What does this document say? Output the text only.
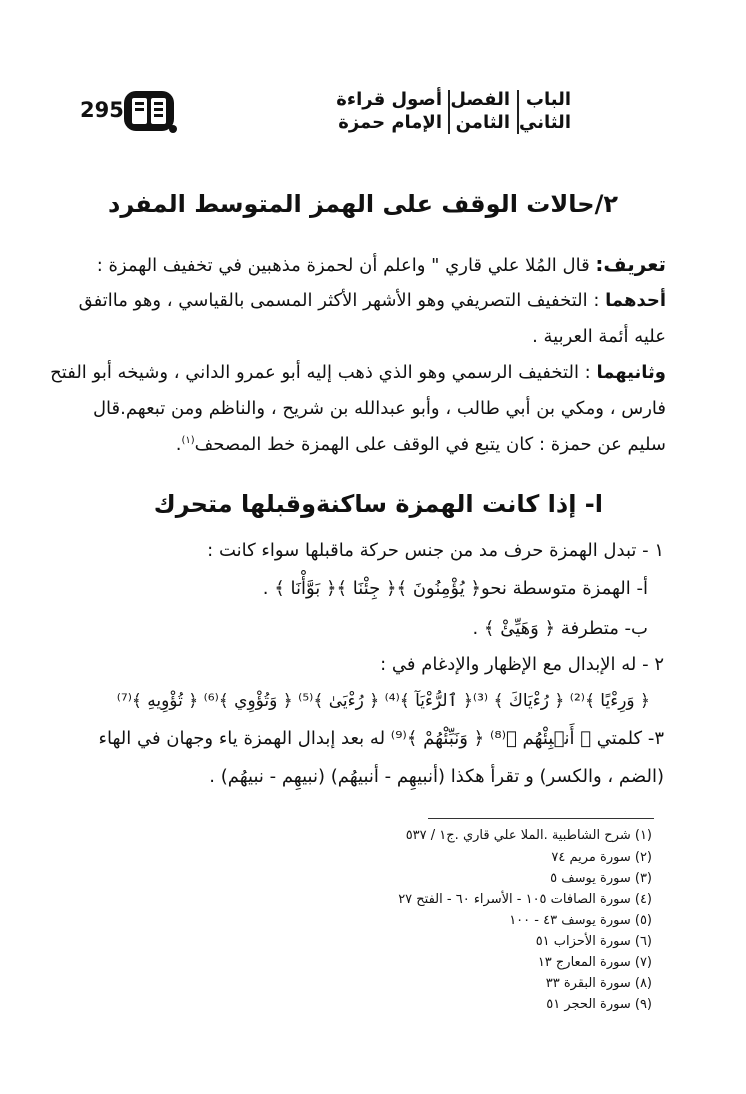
295	أصول قراءة
الإمام حمزة
الفصل
الثامن
الباب
الثاني
٢/حالات الوقف على الهمز المتوسط المفرد
تعريف: قال المُلا علي قاري " واعلم أن لحمزة مذهبين في تخفيف الهمزة :
أحدهما : التخفيف التصريفي وهو الأشهر الأكثر المسمى بالقياسي ، وهو مااتفق
عليه أئمة العربية .
وثانيهما : التخفيف الرسمي وهو الذي ذهب إليه أبو عمرو الداني ، وشيخه أبو الفتح
فارس ، ومكي بن أبي طالب ، وأبو عبدالله بن شريح ، والناظم ومن تبعهم.قال
سليم عن حمزة : كان يتبع في الوقف على الهمزة خط المصحف$^{(١)}$.
ا- إذا كانت الهمزة ساكنةوقبلها متحرك
١ - تبدل الهمزة حرف مد من جنس حركة ماقبلها سواء كانت :
أ- الهمزة متوسطة نحو﴿ يُؤْمِنُونَ ﴾﴿ جِئْنَا ﴾﴿ بَوَّأْنَا ﴾ .
ب- متطرفة ﴿ وَهَيِّئْ ﴾ .
٢ - له الإبدال مع الإظهار والإدغام في :
﴿ وَرِءْيًا ﴾⁽²⁾ ﴿ رُءْيَاكَ ﴾ ⁽³⁾﴿ ٱلرُّءْيَآ ﴾⁽⁴⁾ ﴿ رُءْيَىٰ ﴾⁽⁵⁾ ﴿ وَتُؤْوِي ﴾⁽⁶⁾ ﴿ تُؤْوِيهِ ﴾⁽⁷⁾
٣- كلمتي ﴿ أَنۢبِئْهُم ﴾⁽⁸⁾ ﴿ وَنَبِّئْهُمْ ﴾⁽⁹⁾ له بعد إبدال الهمزة ياء وجهان في الهاء
(الضم ، والكسر) و تقرأ هكذا (أنبيهِم - أنبيهُم) (نبيهِم - نبيهُم) .
(١) شرح الشاطبية .الملا علي قاري .ج١ / ٥٣٧
(٢) سورة مريم ٧٤
(٣) سورة يوسف ٥
(٤) سورة الصافات ١٠٥ - الأسراء ٦٠ - الفتح ٢٧
(٥) سورة يوسف ٤٣ - ١٠٠
(٦) سورة الأحزاب ٥١
(٧) سورة المعارج ١٣
(٨) سورة البقرة ٣٣
(٩) سورة الحجر ٥١
